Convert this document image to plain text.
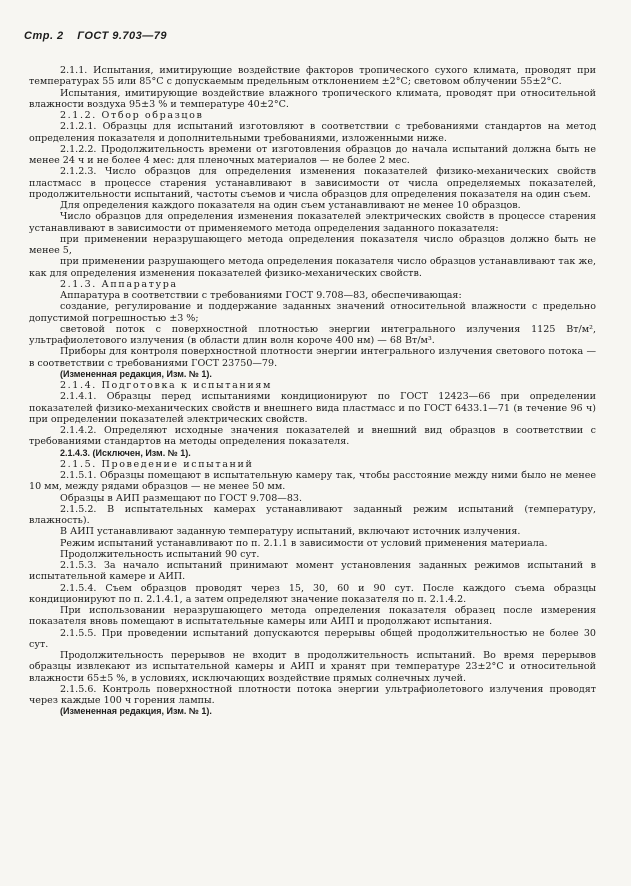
Стр. 2 ГОСТ 9.703—79

2.1.1. Испытания, имитирующие воздействие факторов тропического сухого климата, проводят при температурах 55 или 85°С с допускаемым предельным отклонением ±2°С; световом облучении 55±2°С.

Испытания, имитирующие воздействие влажного тропического климата, проводят при относительной влажности воздуха 95±3 % и температуре 40±2°С.

2.1.2. Отбор образцов

2.1.2.1. Образцы для испытаний изготовляют в соответствии с требованиями стандартов на метод определения показателя и дополнительными требованиями, изложенными ниже.

2.1.2.2. Продолжительность времени от изготовления образцов до начала испытаний должна быть не менее 24 ч и не более 4 мес: для пленочных материалов — не более 2 мес.

2.1.2.3. Число образцов для определения изменения показателей физико-механических свойств пластмасс в процессе старения устанавливают в зависимости от числа определяемых показателей, продолжительности испытаний, частоты съемов и числа образцов для определения показателя на один съем.

Для определения каждого показателя на один съем устанавливают не менее 10 образцов.

Число образцов для определения изменения показателей электрических свойств в процессе старения устанавливают в зависимости от применяемого метода определения заданного показателя:

при применении неразрушающего метода определения показателя число образцов должно быть не менее 5,

при применении разрушающего метода определения показателя число образцов устанавливают так же, как для определения изменения показателей физико-механических свойств.

2.1.3. Аппаратура

Аппаратура в соответствии с требованиями ГОСТ 9.708—83, обеспечивающая:

создание, регулирование и поддержание заданных значений относительной влажности с предельно допустимой погрешностью ±3 %;

световой поток с поверхностной плотностью энергии интегрального излучения 1125 Вт/м², ультрафиолетового излучения (в области длин волн короче 400 нм) — 68 Вт/м³.

Приборы для контроля поверхностной плотности энергии интегрального излучения светового потока — в соответствии с требованиями ГОСТ 23750—79.

(Измененная редакция, Изм. № 1).

2.1.4. Подготовка к испытаниям

2.1.4.1. Образцы перед испытаниями кондиционируют по ГОСТ 12423—66 при определении показателей физико-механических свойств и внешнего вида пластмасс и по ГОСТ 6433.1—71 (в течение 96 ч) при определении показателей электрических свойств.

2.1.4.2. Определяют исходные значения показателей и внешний вид образцов в соответствии с требованиями стандартов на методы определения показателя.

2.1.4.3. (Исключен, Изм. № 1).

2.1.5. Проведение испытаний

2.1.5.1. Образцы помещают в испытательную камеру так, чтобы расстояние между ними было не менее 10 мм, между рядами образцов — не менее 50 мм.

Образцы в АИП размещают по ГОСТ 9.708—83.

2.1.5.2. В испытательных камерах устанавливают заданный режим испытаний (температуру, влажность).

В АИП устанавливают заданную температуру испытаний, включают источник излучения.

Режим испытаний устанавливают по п. 2.1.1 в зависимости от условий применения материала.

Продолжительность испытаний 90 сут.

2.1.5.3. За начало испытаний принимают момент установления заданных режимов испытаний в испытательной камере и АИП.

2.1.5.4. Съем образцов проводят через 15, 30, 60 и 90 сут. После каждого съема образцы кондиционируют по п. 2.1.4.1, а затем определяют значение показателя по п. 2.1.4.2.

При использовании неразрушающего метода определения показателя образец после измерения показателя вновь помещают в испытательные камеры или АИП и продолжают испытания.

2.1.5.5. При проведении испытаний допускаются перерывы общей продолжительностью не более 30 сут.

Продолжительность перерывов не входит в продолжительность испытаний. Во время перерывов образцы извлекают из испытательной камеры и АИП и хранят при температуре 23±2°С и относительной влажности 65±5 %, в условиях, исключающих воздействие прямых солнечных лучей.

2.1.5.6. Контроль поверхностной плотности потока энергии ультрафиолетового излучения проводят через каждые 100 ч горения лампы.

(Измененная редакция, Изм. № 1).
